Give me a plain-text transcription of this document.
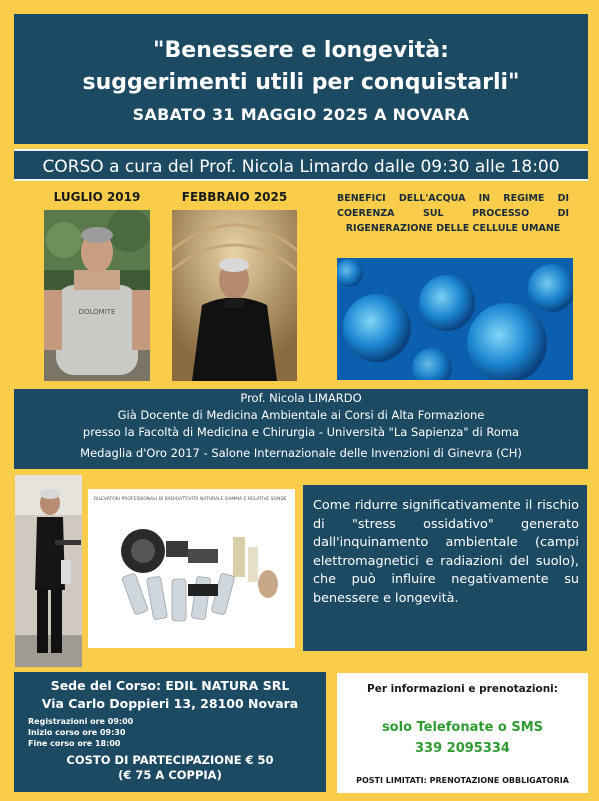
"Benessere e longevità:
suggerimenti utili per conquistarli"
SABATO 31 MAGGIO 2025 A NOVARA
CORSO a cura del Prof. Nicola Limardo dalle 09:30 alle 18:00
LUGLIO 2019	FEBBRAIO 2025
DOLOMITE
BENEFICI DELL'ACQUA IN REGIME DI COERENZA SUL PROCESSO DI RIGENERAZIONE DELLE CELLULE UMANE
Prof. Nicola LIMARDO
Già Docente di Medicina Ambientale ai Corsi di Alta Formazione
presso la Facoltà di Medicina e Chirurgia - Università "La Sapienza" di Roma
Medaglia d'Oro 2017 - Salone Internazionale delle Invenzioni di Ginevra (CH)
RILEVATORI PROFESSIONALI DI RADIOATTIVITÀ NATURALE GAMMA E RELATIVE SONDE	Come ridurre significativamente il rischio di "stress ossidativo" generato dall'inquinamento ambientale (campi elettromagnetici e radiazioni del suolo), che può influire negativamente su benessere e longevità.
Sede del Corso: EDIL NATURA SRL
Via Carlo Doppieri 13, 28100 Novara
Registrazioni ore 09:00
Inizio corso ore 09:30
Fine corso ore 18:00
COSTO DI PARTECIPAZIONE € 50
(€ 75 A COPPIA)
Per informazioni e prenotazioni:
solo Telefonate o SMS
339 2095334
POSTI LIMITATI: PRENOTAZIONE OBBLIGATORIA
